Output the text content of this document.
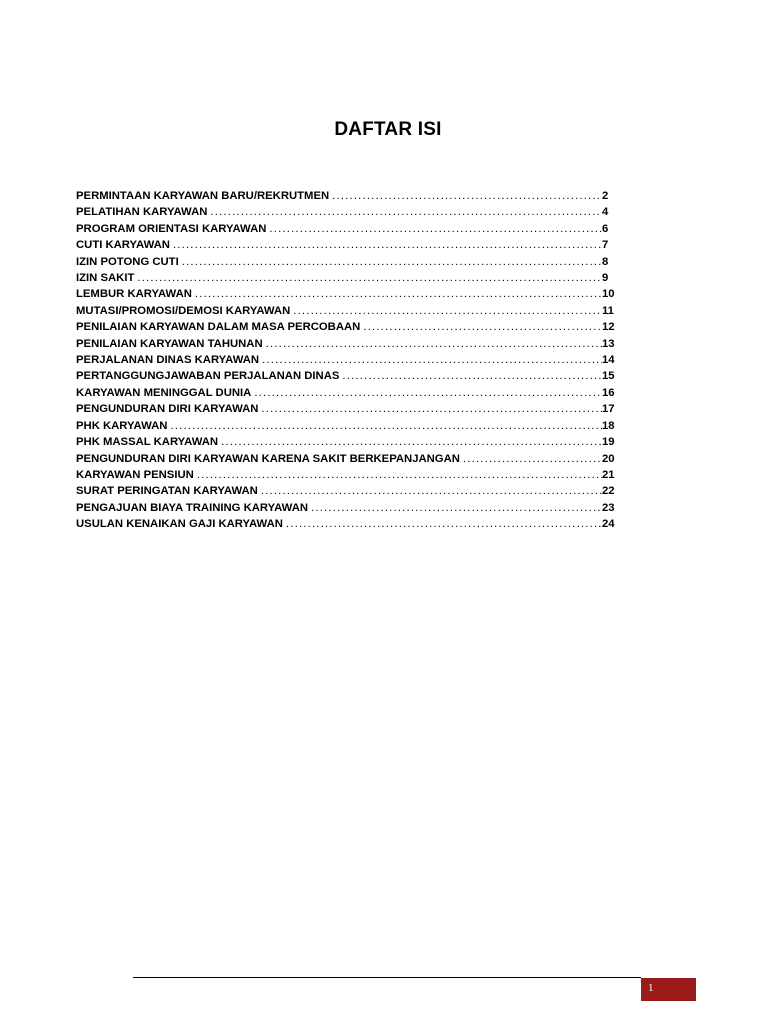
DAFTAR ISI
PERMINTAAN KARYAWAN BARU/REKRUTMEN .....	2
PELATIHAN KARYAWAN .....	4
PROGRAM ORIENTASI KARYAWAN .....	6
CUTI KARYAWAN .....	7
IZIN POTONG CUTI .....	8
IZIN SAKIT .....	9
LEMBUR KARYAWAN .....	10
MUTASI/PROMOSI/DEMOSI KARYAWAN .....	11
PENILAIAN KARYAWAN DALAM MASA PERCOBAAN .....	12
PENILAIAN KARYAWAN TAHUNAN .....	13
PERJALANAN DINAS KARYAWAN .....	14
PERTANGGUNGJAWABAN PERJALANAN DINAS .....	15
KARYAWAN MENINGGAL DUNIA .....	16
PENGUNDURAN DIRI KARYAWAN .....	17
PHK KARYAWAN .....	18
PHK MASSAL KARYAWAN .....	19
PENGUNDURAN DIRI KARYAWAN KARENA SAKIT BERKEPANJANGAN .....	20
KARYAWAN PENSIUN .....	21
SURAT PERINGATAN KARYAWAN .....	22
PENGAJUAN BIAYA TRAINING KARYAWAN .....	23
USULAN KENAIKAN GAJI KARYAWAN .....	24
1
